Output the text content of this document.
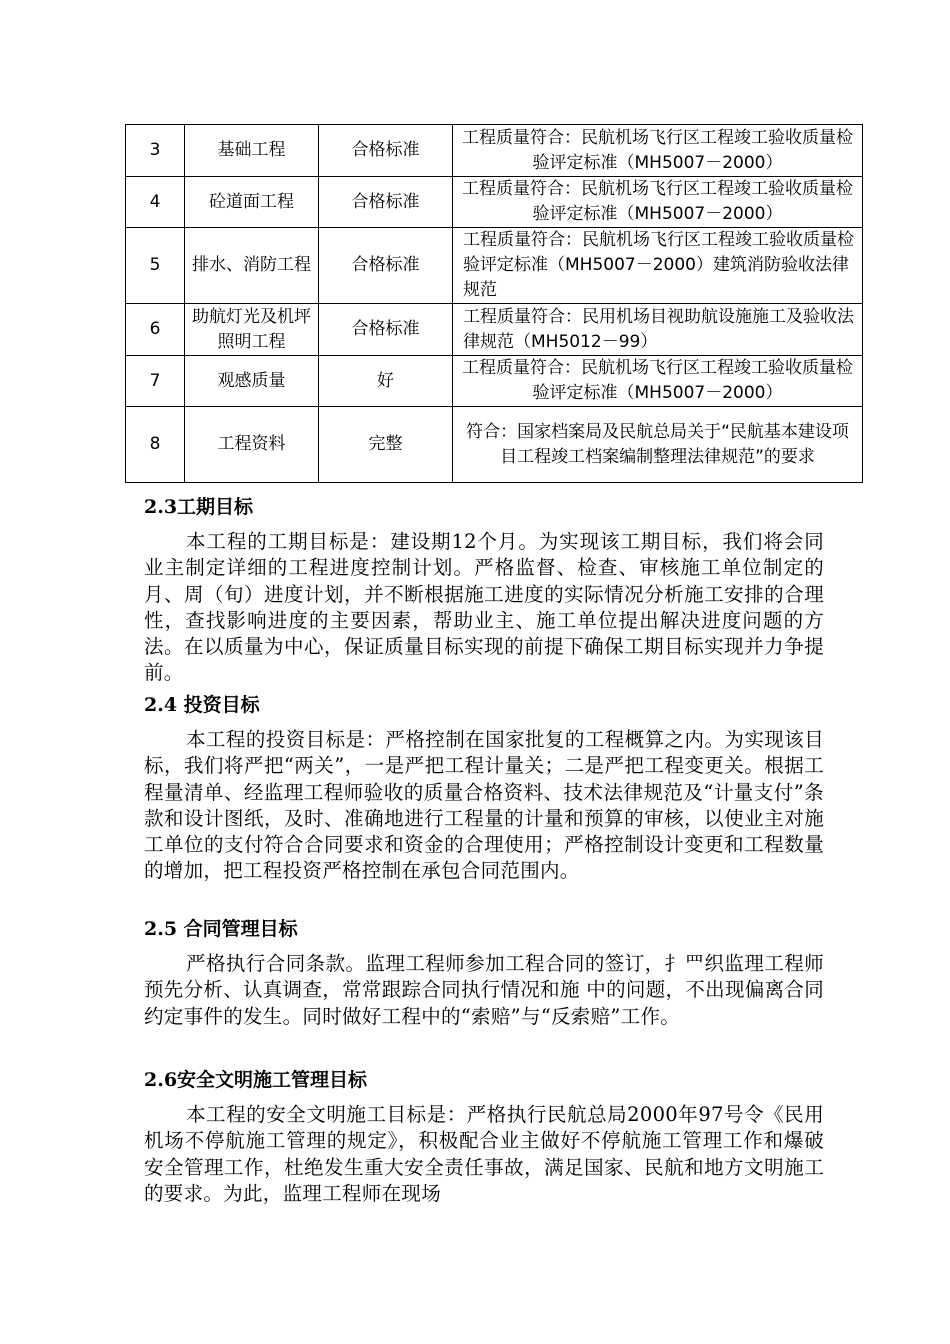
3	基础工程	合格标准	工程质量符合：民航机场飞行区工程竣工验收质量检验评定标准（MH5007－2000）
4	砼道面工程	合格标准	工程质量符合：民航机场飞行区工程竣工验收质量检验评定标准（MH5007－2000）
5	排水、消防工程	合格标准	工程质量符合：民航机场飞行区工程竣工验收质量检验评定标准（MH5007－2000）建筑消防验收法律规范
6	助航灯光及机坪照明工程	合格标准	工程质量符合：民用机场目视助航设施施工及验收法律规范（MH5012－99）
7	观感质量	好	工程质量符合：民航机场飞行区工程竣工验收质量检验评定标准（MH5007－2000）
8	工程资料	完整	符合：国家档案局及民航总局关于“民航基本建设项目工程竣工档案编制整理法律规范”的要求

2.3工期目标

本工程的工期目标是：建设期12个月。为实现该工期目标，我们将会同业主制定详细的工程进度控制计划。严格监督、检查、审核施工单位制定的月、周（旬）进度计划，并不断根据施工进度的实际情况分析施工安排的合理性，查找影响进度的主要因素，帮助业主、施工单位提出解决进度问题的方法。在以质量为中心，保证质量目标实现的前提下确保工期目标实现并力争提前。

2.4 投资目标

本工程的投资目标是：严格控制在国家批复的工程概算之内。为实现该目标，我们将严把“两关”，一是严把工程计量关；二是严把工程变更关。根据工程量清单、经监理工程师验收的质量合格资料、技术法律规范及“计量支付”条款和设计图纸，及时、准确地进行工程量的计量和预算的审核，以使业主对施工单位的支付符合合同要求和资金的合理使用；严格控制设计变更和工程数量的增加，把工程投资严格控制在承包合同范围内。

2.5 合同管理目标

严格执行合同条款。监理工程师参加工程合同的签订，扌罒织监理工程师预先分析、认真调查，常常跟踪合同执行情况和施 中的问题，不出现偏离合同约定事件的发生。同时做好工程中的“索赔”与“反索赔”工作。

2.6安全文明施工管理目标

本工程的安全文明施工目标是：严格执行民航总局2000年97号令《民用机场不停航施工管理的规定》，积极配合业主做好不停航施工管理工作和爆破安全管理工作，杜绝发生重大安全责任事故，满足国家、民航和地方文明施工的要求。为此，监理工程师在现场
